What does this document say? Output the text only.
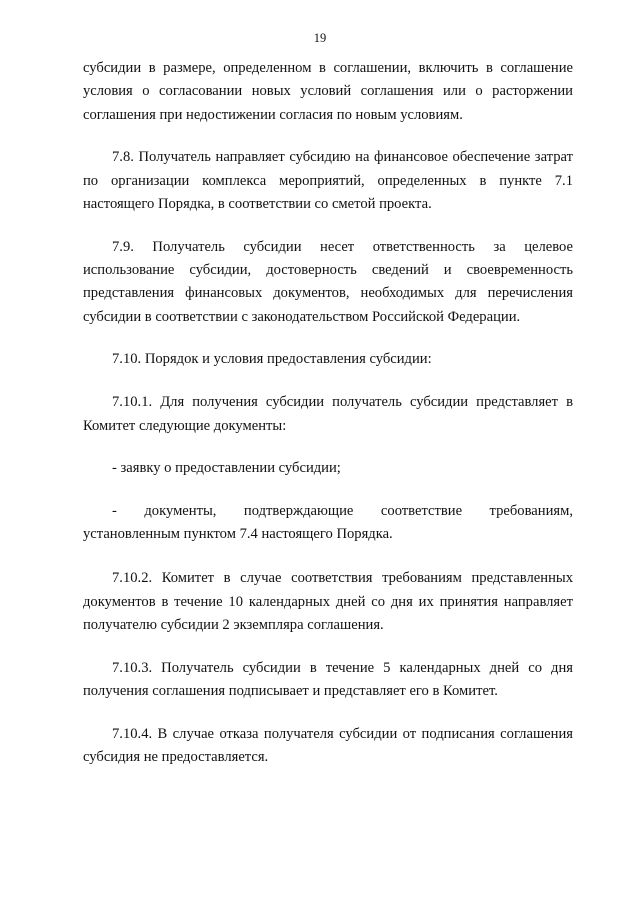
19

субсидии в размере, определенном в соглашении, включить в соглашение условия о согласовании новых условий соглашения или о расторжении соглашения при недостижении согласия по новым условиям.

7.8. Получатель направляет субсидию на финансовое обеспечение затрат по организации комплекса мероприятий, определенных в пункте 7.1 настоящего Порядка, в соответствии со сметой проекта.

7.9. Получатель субсидии несет ответственность за целевое использование субсидии, достоверность сведений и своевременность представления финансовых документов, необходимых для перечисления субсидии в соответствии с законодательством Российской Федерации.

7.10. Порядок и условия предоставления субсидии:

7.10.1. Для получения субсидии получатель субсидии представляет в Комитет следующие документы:

- заявку о предоставлении субсидии;

- документы, подтверждающие соответствие требованиям, установленным пунктом 7.4 настоящего Порядка.

7.10.2. Комитет в случае соответствия требованиям представленных документов в течение 10 календарных дней со дня их принятия направляет получателю субсидии 2 экземпляра соглашения.

7.10.3. Получатель субсидии в течение 5 календарных дней со дня получения соглашения подписывает и представляет его в Комитет.

7.10.4. В случае отказа получателя субсидии от подписания соглашения субсидия не предоставляется.
